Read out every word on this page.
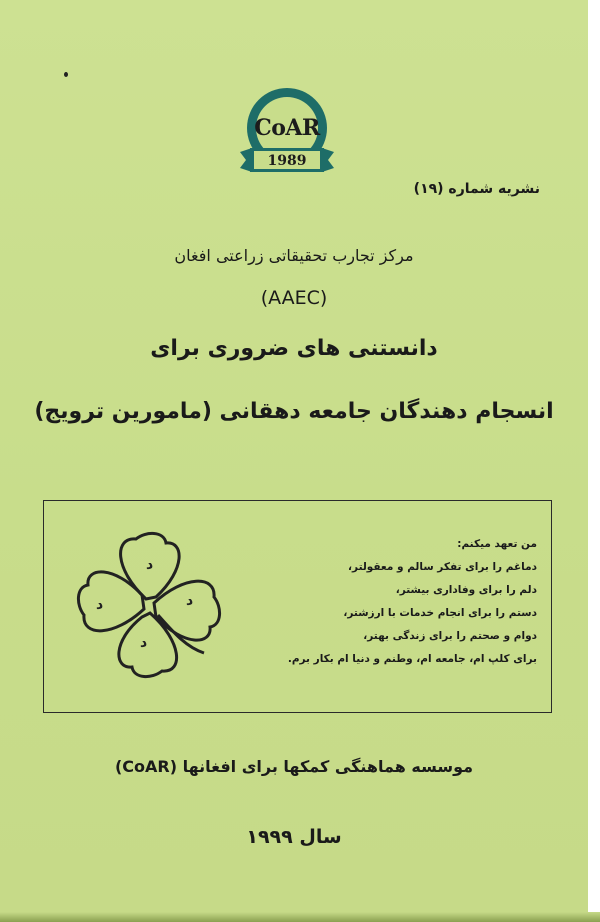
CoAR
1989
نشریه شماره (۱۹)
مرکز تجارب تحقیقاتی زراعتی افغان
(AAEC)
دانستنی های ضروری برای
انسجام دهندگان جامعه دهقانی (مامورین ترویج)
د
د
د
د
من تعهد میکنم:
دماغم را برای تفکر سالم و معقولتر،
دلم را برای وفاداری بیشتر،
دستم را برای انجام خدمات با ارزشتر،
دوام و صحتم را برای زندگی بهتر،
برای کلپ ام، جامعه ام، وطنم و دنیا ام بکار برم.
موسسه هماهنگی کمکها برای افغانها (CoAR)
سال ۱۹۹۹
